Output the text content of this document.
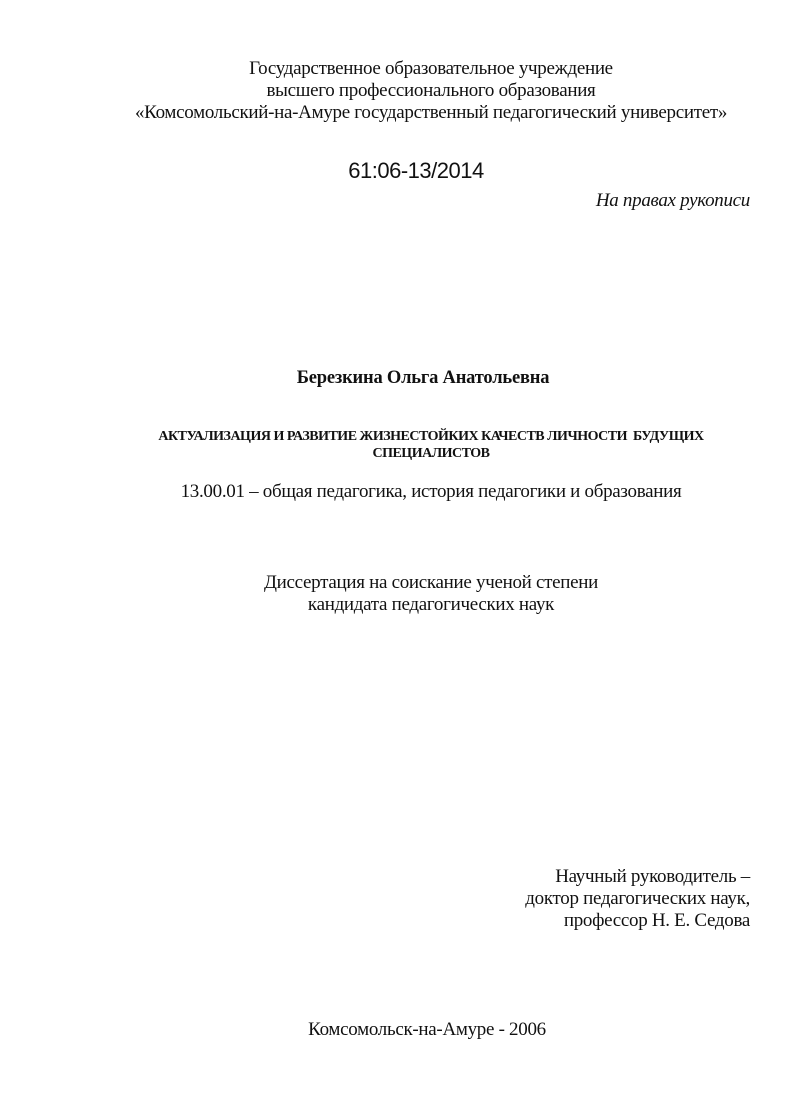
Государственное образовательное учреждение
высшего профессионального образования
«Комсомольский-на-Амуре государственный педагогический университет»
61:06-13/2014
На правах рукописи
Березкина Ольга Анатольевна
АКТУАЛИЗАЦИЯ И РАЗВИТИЕ ЖИЗНЕСТОЙКИХ КАЧЕСТВ ЛИЧНОСТИ  БУДУЩИХ
СПЕЦИАЛИСТОВ
13.00.01 – общая педагогика, история педагогики и образования
Диссертация на соискание ученой степени
кандидата педагогических наук
Научный руководитель –
доктор педагогических наук,
профессор Н. Е. Седова
Комсомольск-на-Амуре - 2006
